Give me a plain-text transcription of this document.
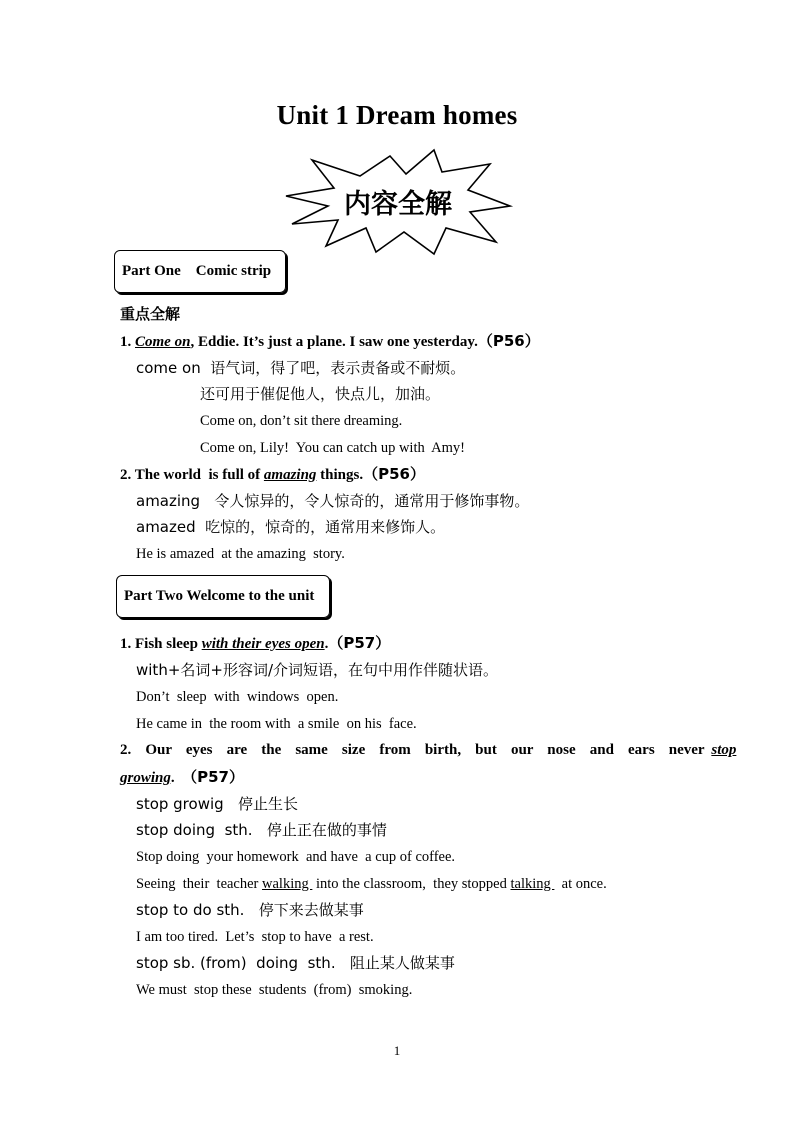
Unit 1 Dream homes
内容全解
Part One    Comic strip
重点全解
1. Come on, Eddie. It’s just a plane. I saw one yesterday.（P56）
come on  语气词，得了吧，表示责备或不耐烦。
还可用于催促他人，快点儿，加油。
Come on, don’t sit there dreaming.
Come on, Lily!  You can catch up with  Amy!
2. The world  is full of amazing things.（P56）
amazing   令人惊异的，令人惊奇的，通常用于修饰事物。
amazed  吃惊的，惊奇的，通常用来修饰人。
He is amazed  at the amazing  story.
Part Two Welcome to the unit
1. Fish sleep with their eyes open.（P57）
with+名词+形容词/介词短语，在句中用作伴随状语。
Don’t  sleep  with  windows  open.
He came in  the room with  a smile  on his  face.
2.  Our  eyes  are  the  same  size  from  birth,  but  our  nose  and  ears  never stop
growing.  （P57）
stop growig   停止生长
stop doing  sth.   停止正在做的事情
Stop doing  your homework  and have  a cup of coffee.
Seeing  their  teacher walking  into the classroom,  they stopped talking   at once.
stop to do sth.   停下来去做某事
I am too tired.  Let’s  stop to have  a rest.
stop sb. (from)  doing  sth.   阻止某人做某事
We must  stop these  students  (from)  smoking.
1
